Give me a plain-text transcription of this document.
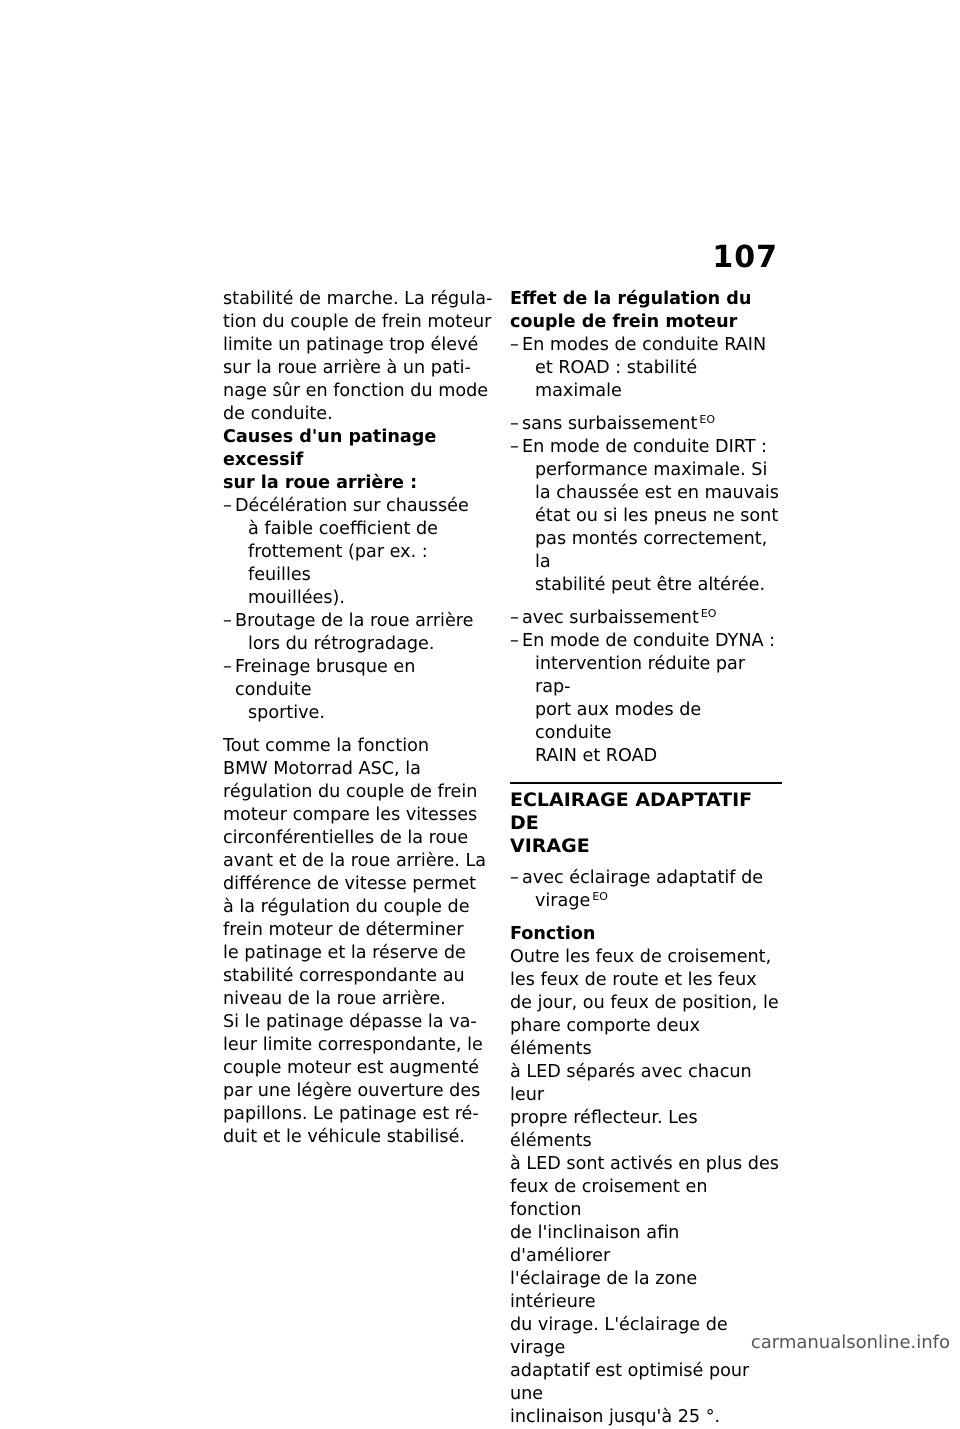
107

stabilité de marche. La régula-
tion du couple de frein moteur
limite un patinage trop élevé
sur la roue arrière à un pati-
nage sûr en fonction du mode
de conduite.

Causes d'un patinage excessif
sur la roue arrière :

– Décélération sur chaussée
à faible coefficient de
frottement (par ex. : feuilles
mouillées).
– Broutage de la roue arrière
lors du rétrogradage.
– Freinage brusque en conduite
sportive.

Tout comme la fonction
BMW Motorrad ASC, la
régulation du couple de frein
moteur compare les vitesses
circonférentielles de la roue
avant et de la roue arrière. La
différence de vitesse permet
à la régulation du couple de
frein moteur de déterminer
le patinage et la réserve de
stabilité correspondante au
niveau de la roue arrière.

Si le patinage dépasse la va-
leur limite correspondante, le
couple moteur est augmenté
par une légère ouverture des
papillons. Le patinage est ré-
duit et le véhicule stabilisé.

Effet de la régulation du
couple de frein moteur

– En modes de conduite RAIN
et ROAD : stabilité maximale
– sans surbaissement $^{EO}$
– En mode de conduite DIRT :
performance maximale. Si
la chaussée est en mauvais
état ou si les pneus ne sont
pas montés correctement, la
stabilité peut être altérée.
– avec surbaissement $^{EO}$
– En mode de conduite DYNA :
intervention réduite par rap-
port aux modes de conduite
RAIN et ROAD
ECLAIRAGE ADAPTATIF DE
VIRAGE
– avec éclairage adaptatif de
virage $^{EO}$

Fonction

Outre les feux de croisement,
les feux de route et les feux
de jour, ou feux de position, le
phare comporte deux éléments
à LED séparés avec chacun leur
propre réflecteur. Les éléments
à LED sont activés en plus des
feux de croisement en fonction
de l'inclinaison afin d'améliorer
l'éclairage de la zone intérieure
du virage. L'éclairage de virage
adaptatif est optimisé pour une
inclinaison jusqu'à 25 °.

carmanualsonline.info
